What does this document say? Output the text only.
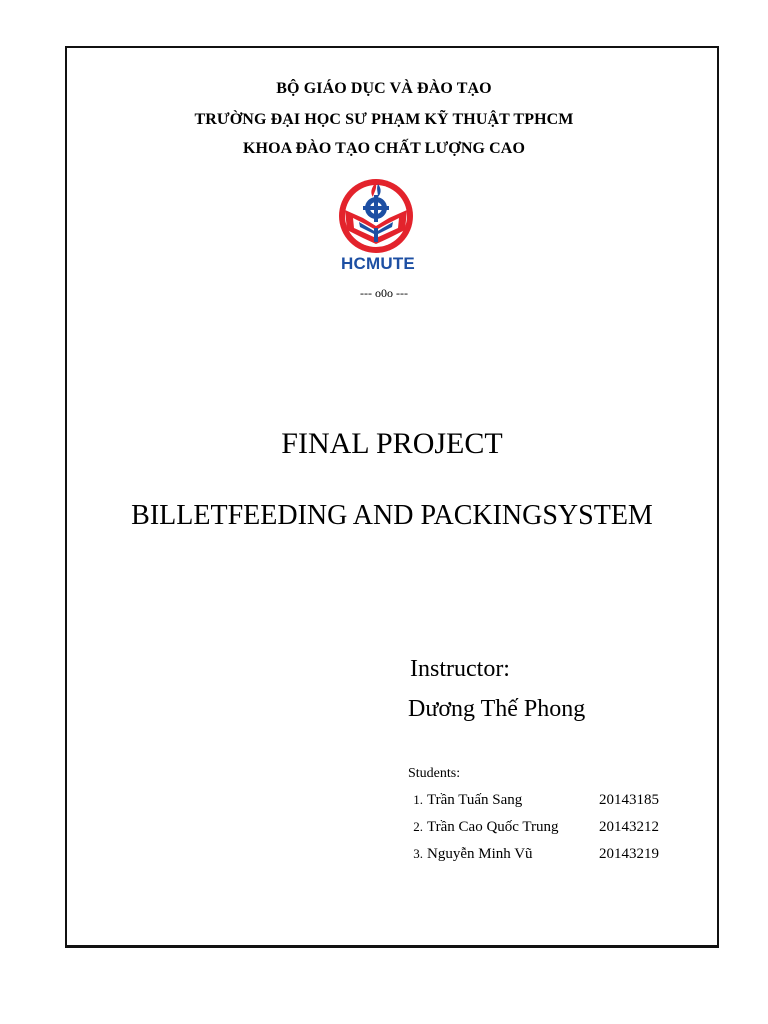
BỘ GIÁO DỤC VÀ ĐÀO TẠO
TRƯỜNG ĐẠI HỌC SƯ PHẠM KỸ THUẬT TPHCM
KHOA ĐÀO TẠO CHẤT LƯỢNG CAO
HCMUTE
--- o0o ---
FINAL PROJECT
BILLETFEEDING AND PACKINGSYSTEM
Instructor:
Dương Thế Phong
Students:
1. Trần Tuấn Sang	20143185
2. Trần Cao Quốc Trung	20143212
3. Nguyễn Minh Vũ	20143219
